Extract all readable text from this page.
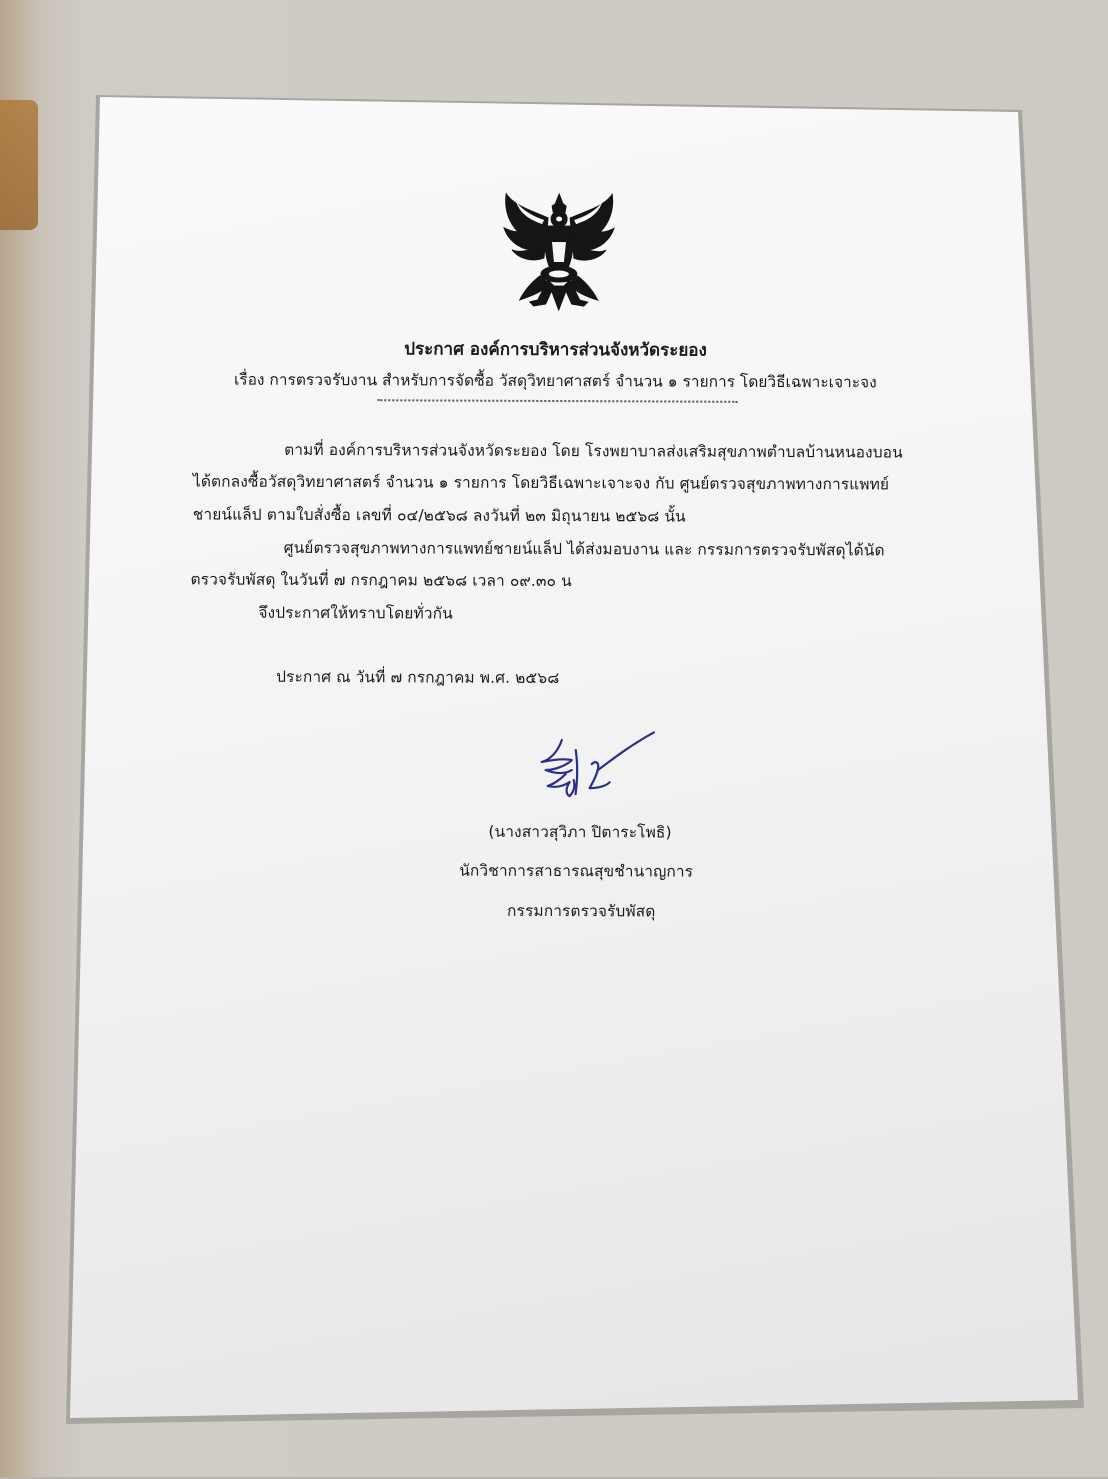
ประกาศ องค์การบริหารส่วนจังหวัดระยอง
เรื่อง การตรวจรับงาน สำหรับการจัดซื้อ วัสดุวิทยาศาสตร์ จำนวน ๑ รายการ โดยวิธีเฉพาะเจาะจง
ตามที่ องค์การบริหารส่วนจังหวัดระยอง โดย โรงพยาบาลส่งเสริมสุขภาพตำบลบ้านหนองบอน
ได้ตกลงซื้อวัสดุวิทยาศาสตร์ จำนวน ๑ รายการ โดยวิธีเฉพาะเจาะจง กับ ศูนย์ตรวจสุขภาพทางการแพทย์
ชายน์แล็ป ตามใบสั่งซื้อ เลขที่ ๐๔/๒๕๖๘ ลงวันที่ ๒๓ มิถุนายน ๒๕๖๘ นั้น
ศูนย์ตรวจสุขภาพทางการแพทย์ชายน์แล็ป ได้ส่งมอบงาน และ กรรมการตรวจรับพัสดุได้นัด
ตรวจรับพัสดุ ในวันที่ ๗ กรกฎาคม ๒๕๖๘ เวลา ๐๙.๓๐ น
จึงประกาศให้ทราบโดยทั่วกัน
ประกาศ ณ วันที่ ๗ กรกฎาคม พ.ศ. ๒๕๖๘
(นางสาวสุวิภา ปิตาระโพธิ)
นักวิชาการสาธารณสุขชำนาญการ
กรรมการตรวจรับพัสดุ
